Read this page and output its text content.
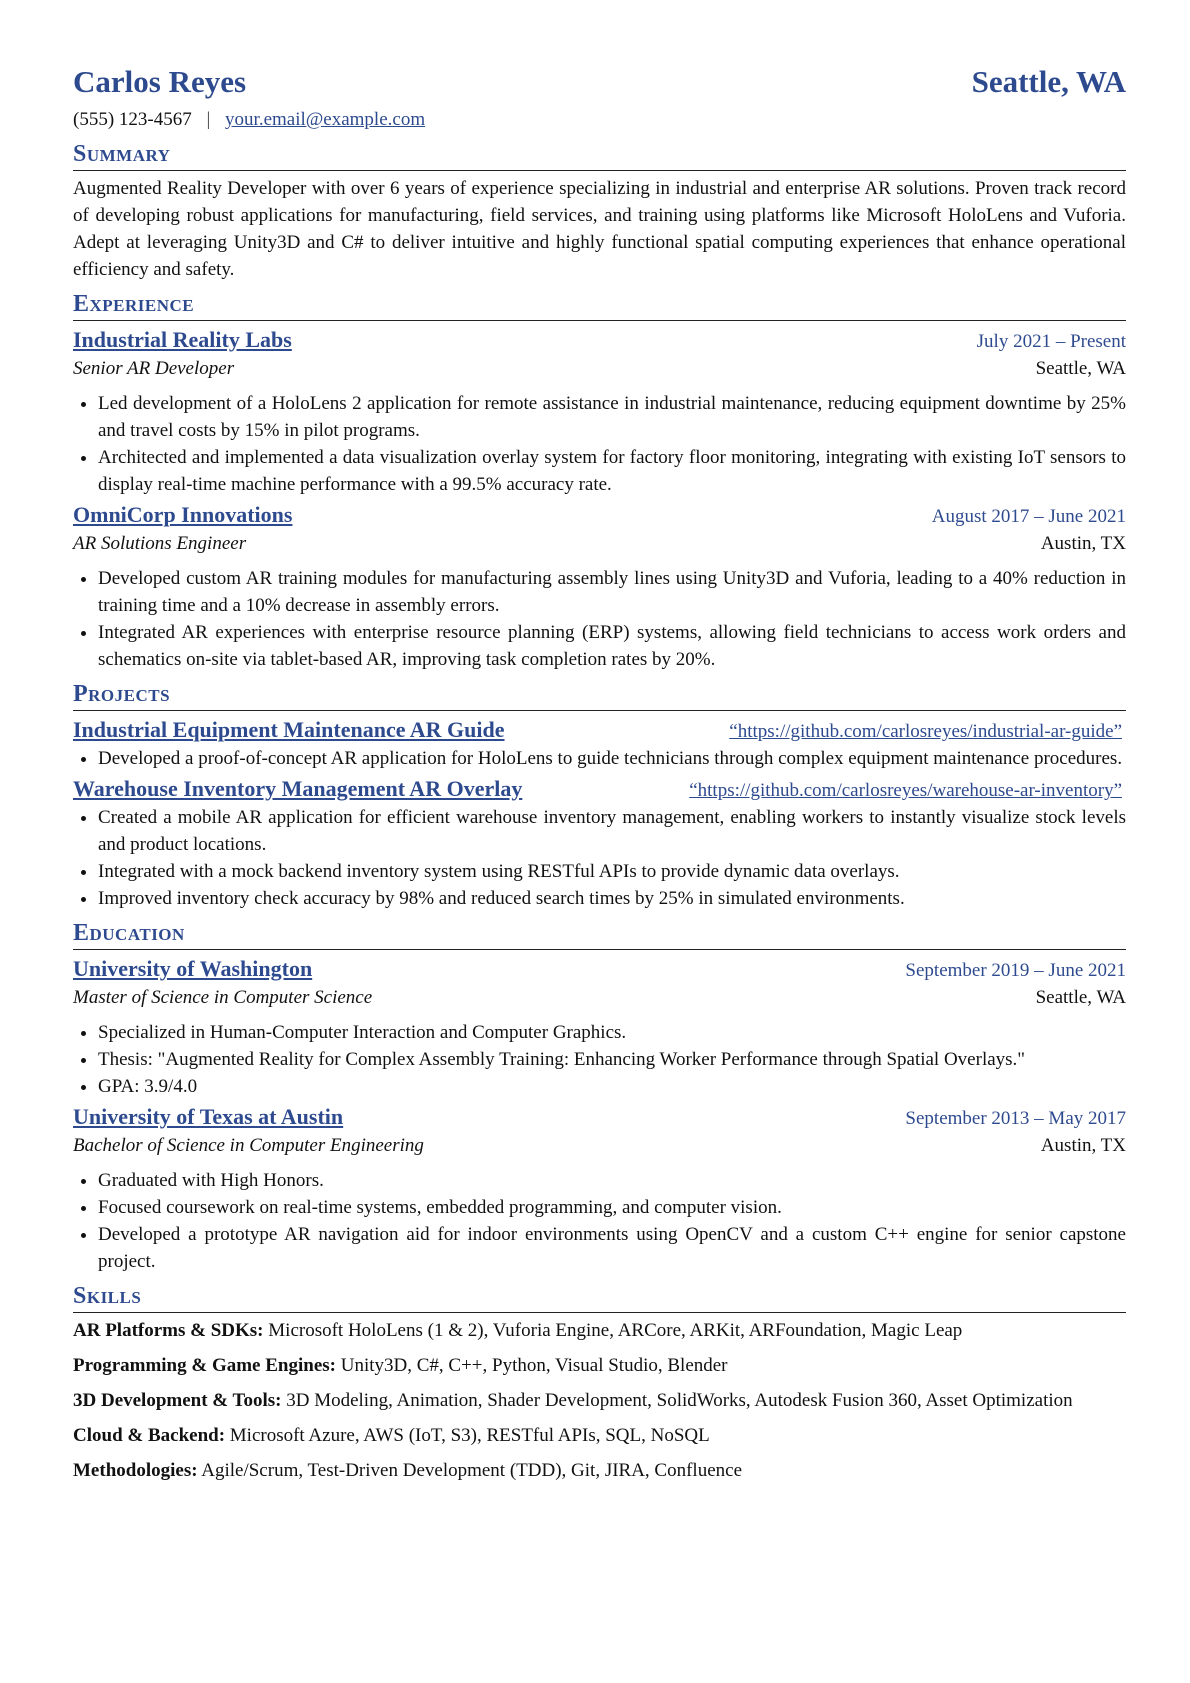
Carlos Reyes	Seattle, WA
(555) 123-4567 | your.email@example.com
Summary
Augmented Reality Developer with over 6 years of experience specializing in industrial and enterprise AR solutions. Proven track record of developing robust applications for manufacturing, field services, and training using platforms like Microsoft HoloLens and Vuforia. Adept at leveraging Unity3D and C# to deliver intuitive and highly functional spatial computing experiences that enhance operational efficiency and safety.
Experience
Industrial Reality Labs	July 2021 – Present
Senior AR Developer	Seattle, WA
• Led development of a HoloLens 2 application for remote assistance in industrial maintenance, reducing equipment downtime by 25% and travel costs by 15% in pilot programs.
• Architected and implemented a data visualization overlay system for factory floor monitoring, integrating with existing IoT sensors to display real-time machine performance with a 99.5% accuracy rate.
OmniCorp Innovations	August 2017 – June 2021
AR Solutions Engineer	Austin, TX
• Developed custom AR training modules for manufacturing assembly lines using Unity3D and Vuforia, leading to a 40% reduction in training time and a 10% decrease in assembly errors.
• Integrated AR experiences with enterprise resource planning (ERP) systems, allowing field technicians to access work orders and schematics on-site via tablet-based AR, improving task completion rates by 20%.
Projects
Industrial Equipment Maintenance AR Guide	“https://github.com/carlosreyes/industrial-ar-guide”
• Developed a proof-of-concept AR application for HoloLens to guide technicians through complex equipment maintenance procedures.
Warehouse Inventory Management AR Overlay	“https://github.com/carlosreyes/warehouse-ar-inventory”
• Created a mobile AR application for efficient warehouse inventory management, enabling workers to instantly visualize stock levels and product locations.
• Integrated with a mock backend inventory system using RESTful APIs to provide dynamic data overlays.
• Improved inventory check accuracy by 98% and reduced search times by 25% in simulated environments.
Education
University of Washington	September 2019 – June 2021
Master of Science in Computer Science	Seattle, WA
• Specialized in Human-Computer Interaction and Computer Graphics.
• Thesis: "Augmented Reality for Complex Assembly Training: Enhancing Worker Performance through Spatial Overlays."
• GPA: 3.9/4.0
University of Texas at Austin	September 2013 – May 2017
Bachelor of Science in Computer Engineering	Austin, TX
• Graduated with High Honors.
• Focused coursework on real-time systems, embedded programming, and computer vision.
• Developed a prototype AR navigation aid for indoor environments using OpenCV and a custom C++ engine for senior capstone project.
Skills
AR Platforms & SDKs: Microsoft HoloLens (1 & 2), Vuforia Engine, ARCore, ARKit, ARFoundation, Magic Leap
Programming & Game Engines: Unity3D, C#, C++, Python, Visual Studio, Blender
3D Development & Tools: 3D Modeling, Animation, Shader Development, SolidWorks, Autodesk Fusion 360, Asset Optimization
Cloud & Backend: Microsoft Azure, AWS (IoT, S3), RESTful APIs, SQL, NoSQL
Methodologies: Agile/Scrum, Test-Driven Development (TDD), Git, JIRA, Confluence
